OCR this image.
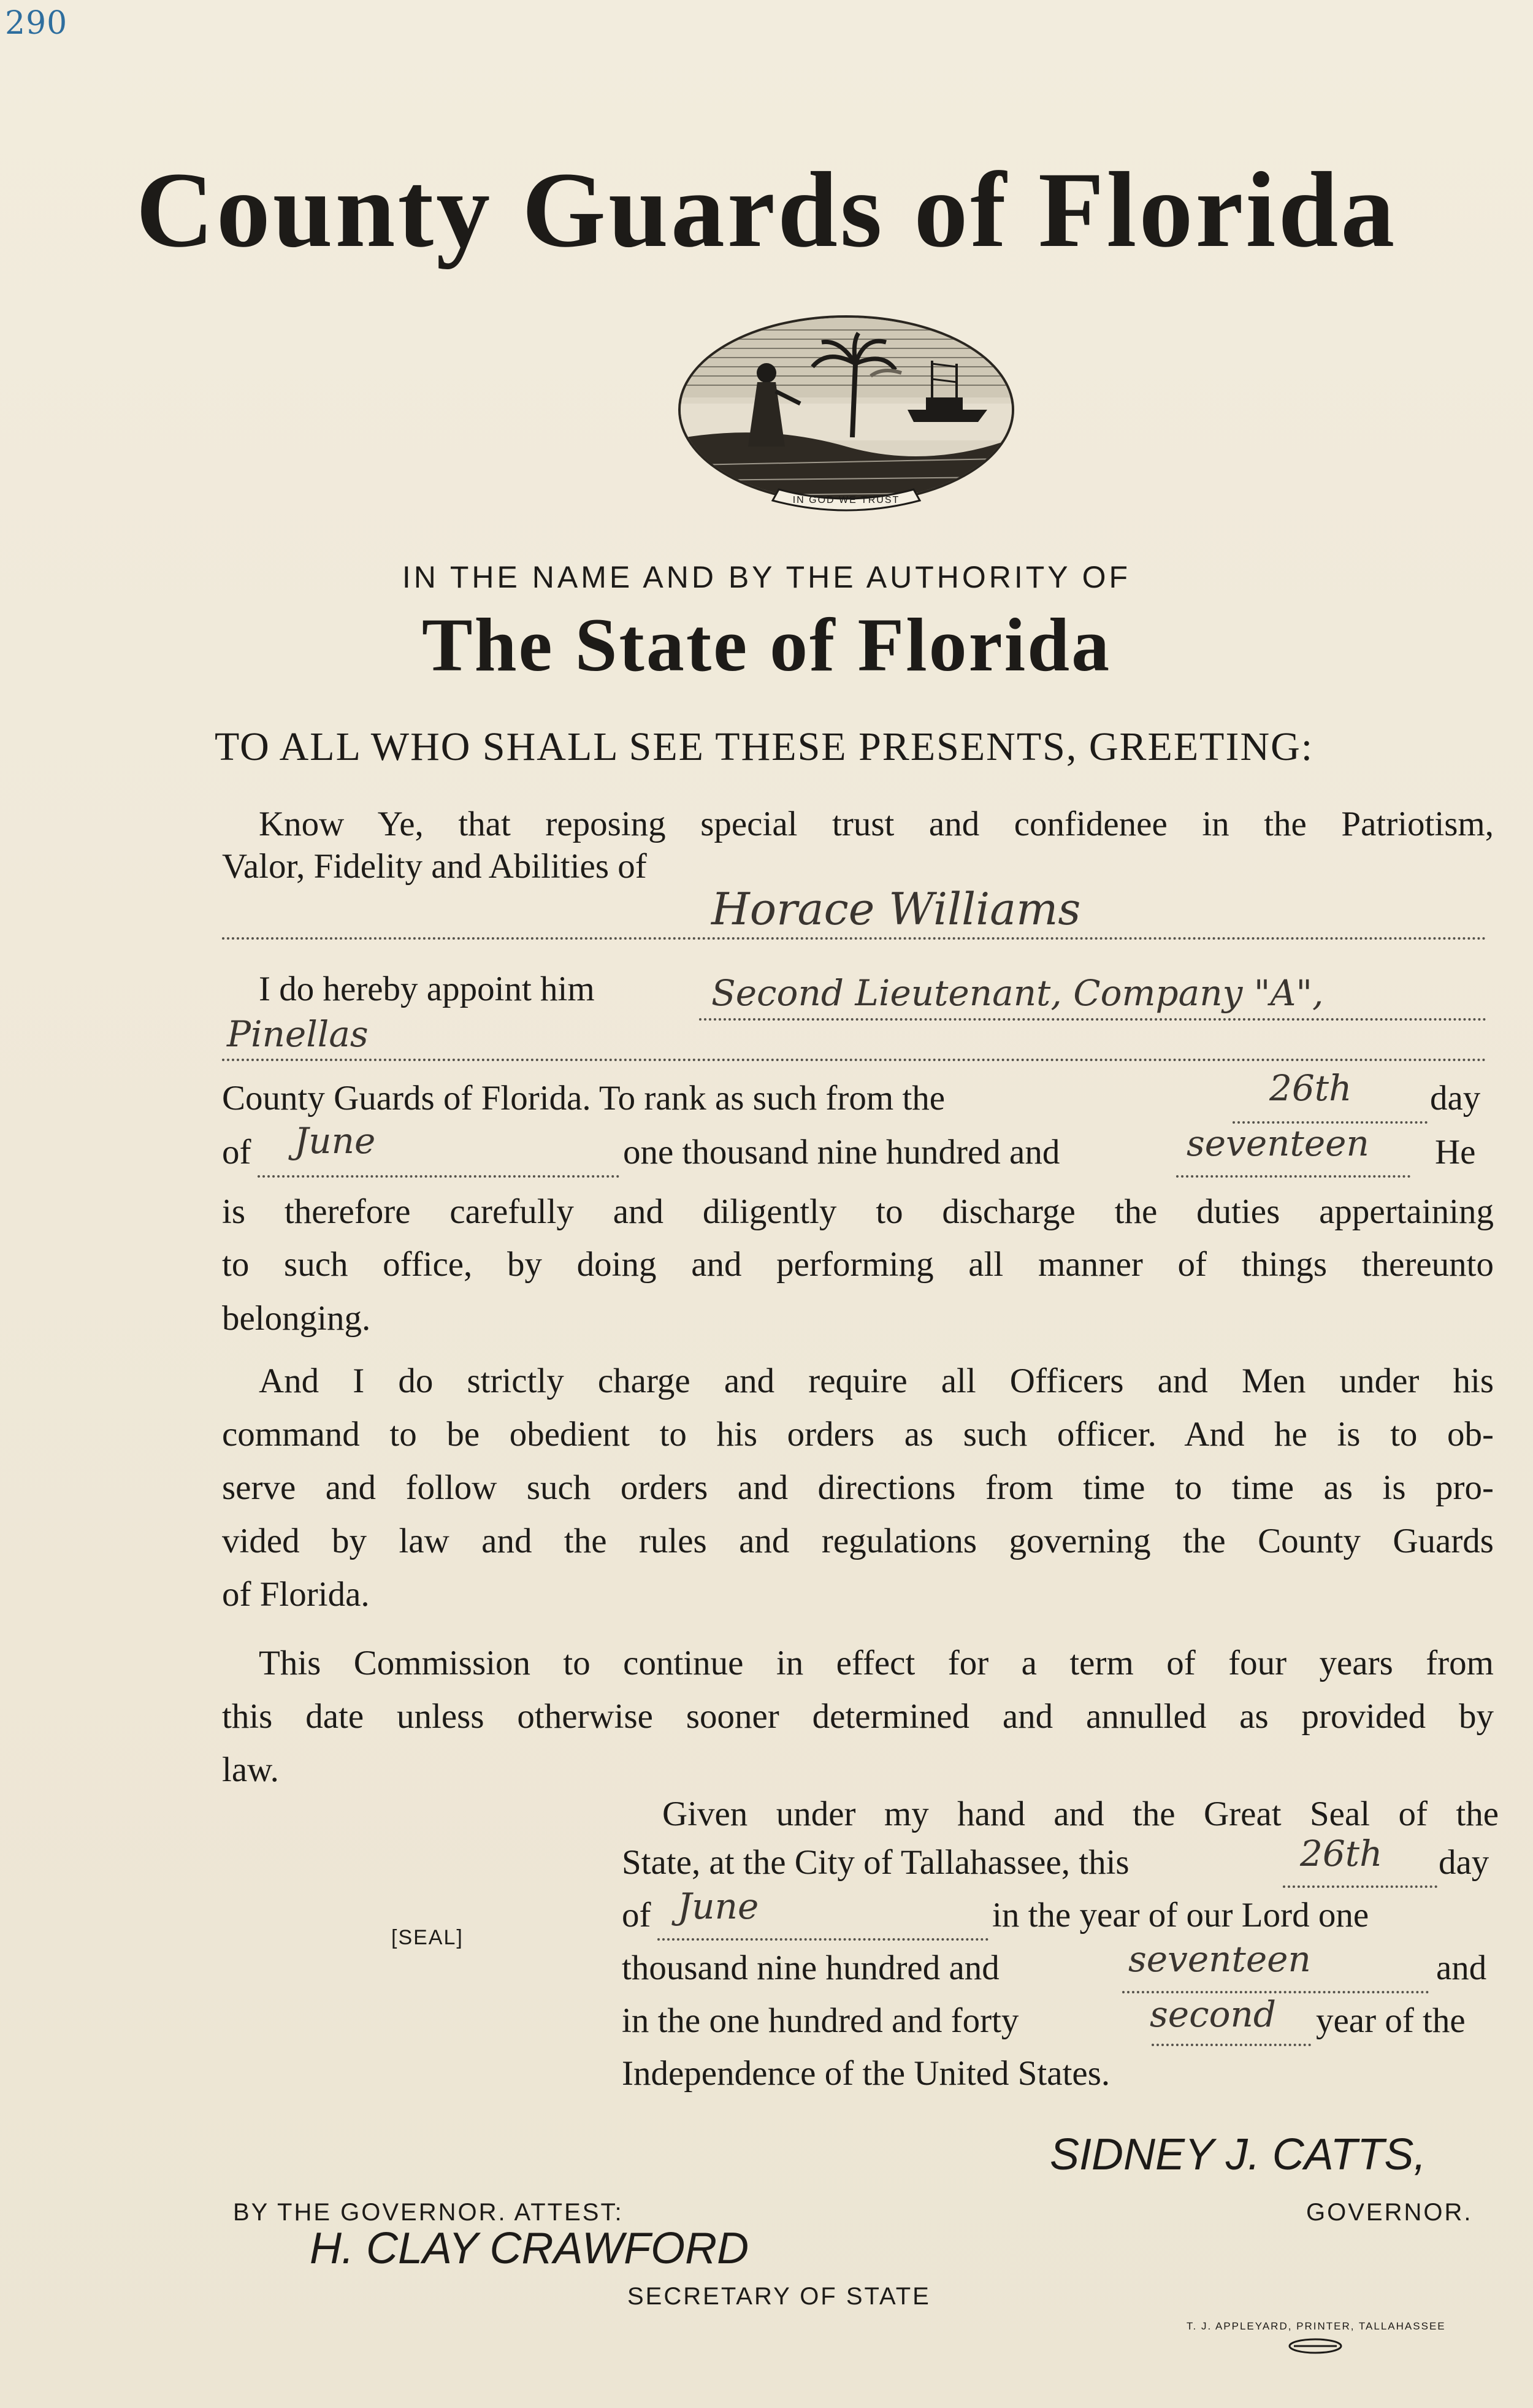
290
County Guards of Florida
IN GOD WE TRUST
IN THE NAME AND BY THE AUTHORITY OF
The State of Florida
TO ALL WHO SHALL SEE THESE PRESENTS, GREETING:
Know Ye, that reposing special trust and confidenee in the Patriotism,
Valor, Fidelity and Abilities of
Horace Williams
I do hereby appoint him	Second Lieutenant, Company "A",
Pinellas
County Guards of Florida. To rank as such from the	26th day
of June	one thousand nine hundred and	seventeen He
is therefore carefully and diligently to discharge the duties appertaining
to such office, by doing and performing all manner of things thereunto
belonging.
And I do strictly charge and require all Officers and Men under his
command to be obedient to his orders as such officer. And he is to ob-
serve and follow such orders and directions from time to time as is pro-
vided by law and the rules and regulations governing the County Guards
of Florida.
This Commission to continue in effect for a term of four years from
this date unless otherwise sooner determined and annulled as provided by
law.
Given under my hand and the Great Seal of the
State, at the City of Tallahassee, this	26th day
of June	in the year of our Lord one
thousand nine hundred and	seventeen	and
in the one hundred and forty	second year of the
Independence of the United States.
[SEAL]
SIDNEY J. CATTS,
GOVERNOR.
BY THE GOVERNOR. ATTEST:
H. CLAY CRAWFORD
SECRETARY OF STATE
T. J. APPLEYARD, PRINTER, TALLAHASSEE
